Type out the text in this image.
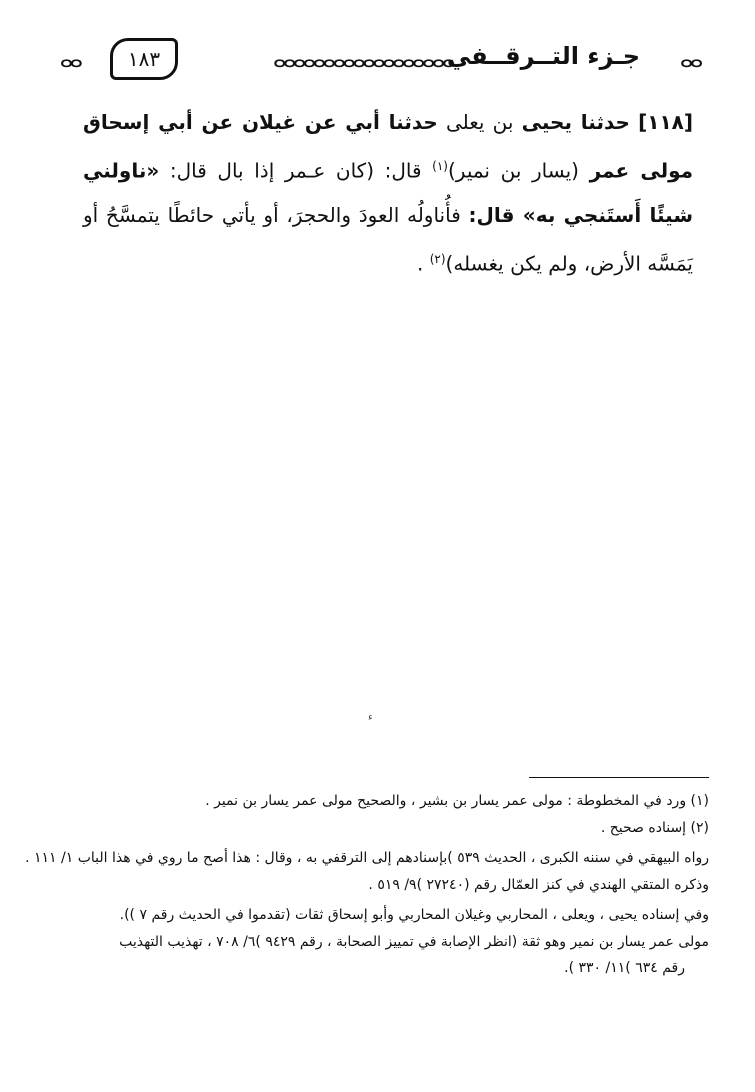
ⴰⴰ
جـزء التــرقــفي
ⴰⴰⴰⴰⴰⴰⴰⴰⴰⴰⴰⴰⴰⴰⴰⴰⴰⴰ
١٨٣
ⴰⴰ
[١١٨] حدثنا يحيى بن يعلى حدثنا أبي عن غيلان عن أبي إسحاق مولى عمر (يسار بن نمير)$^{(١)}$ قال: (كان عـمر إذا بال قال: «ناولني شيئًا أَستَنجي به» قال: فأُناولُه العودَ والحجرَ، أو يأتي حائطًا يتمسَّحُ أو يَمَسَّه الأرض، ولم يكن يغسله)$^{(٢)}$ .
ء
(١) ورد في المخطوطة : مولى عمر يسار بن بشير ، والصحيح مولى عمر يسار بن نمير .
(٢) إسناده صحيح .
رواه البيهقي في سننه الكبرى ، الحديث ٥٣٩ )بإسنادهم إلى الترقفي به ، وقال : هذا أصح ما روي في هذا الباب ١/ ١١١ .
وذكره المتقي الهندي في كنز العمّال رقم (٢٧٢٤٠ )٩/ ٥١٩ .
وفي إسناده يحيى ، ويعلى ، المحاربي وغيلان المحاربي وأبو إسحاق ثقات (تقدموا في الحديث رقم ٧ )).
مولى عمر يسار بن نمير وهو ثقة (انظر الإصابة في تمييز الصحابة ، رقم ٩٤٢٩ )٦/ ٧٠٨ ، تهذيب التهذيب
رقم ٦٣٤ )١١/ ٣٣٠ ).
